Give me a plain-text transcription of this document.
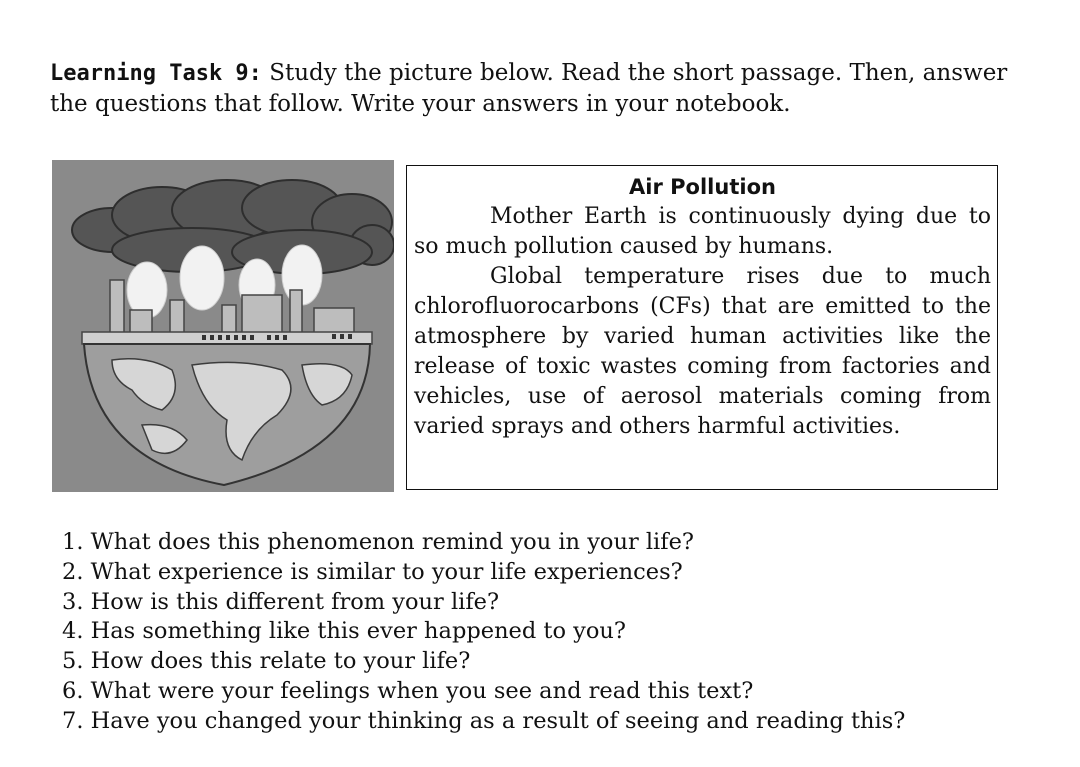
Learning Task 9: Study the picture below. Read the short passage. Then, answer the questions that follow. Write your answers in your notebook.
Air Pollution

Mother Earth is continuously dying due to so much pollution caused by humans.

Global temperature rises due to much chlorofluorocarbons (CFs) that are emitted to the atmosphere by varied human activities like the release of toxic wastes coming from factories and vehicles, use of aerosol materials coming from varied sprays and others harmful activities.

1. What does this phenomenon remind you in your life?
2. What experience is similar to your life experiences?
3. How is this different from your life?
4. Has something like this ever happened to you?
5. How does this relate to your life?
6. What were your feelings when you see and read this text?
7. Have you changed your thinking as a result of seeing and reading this?
